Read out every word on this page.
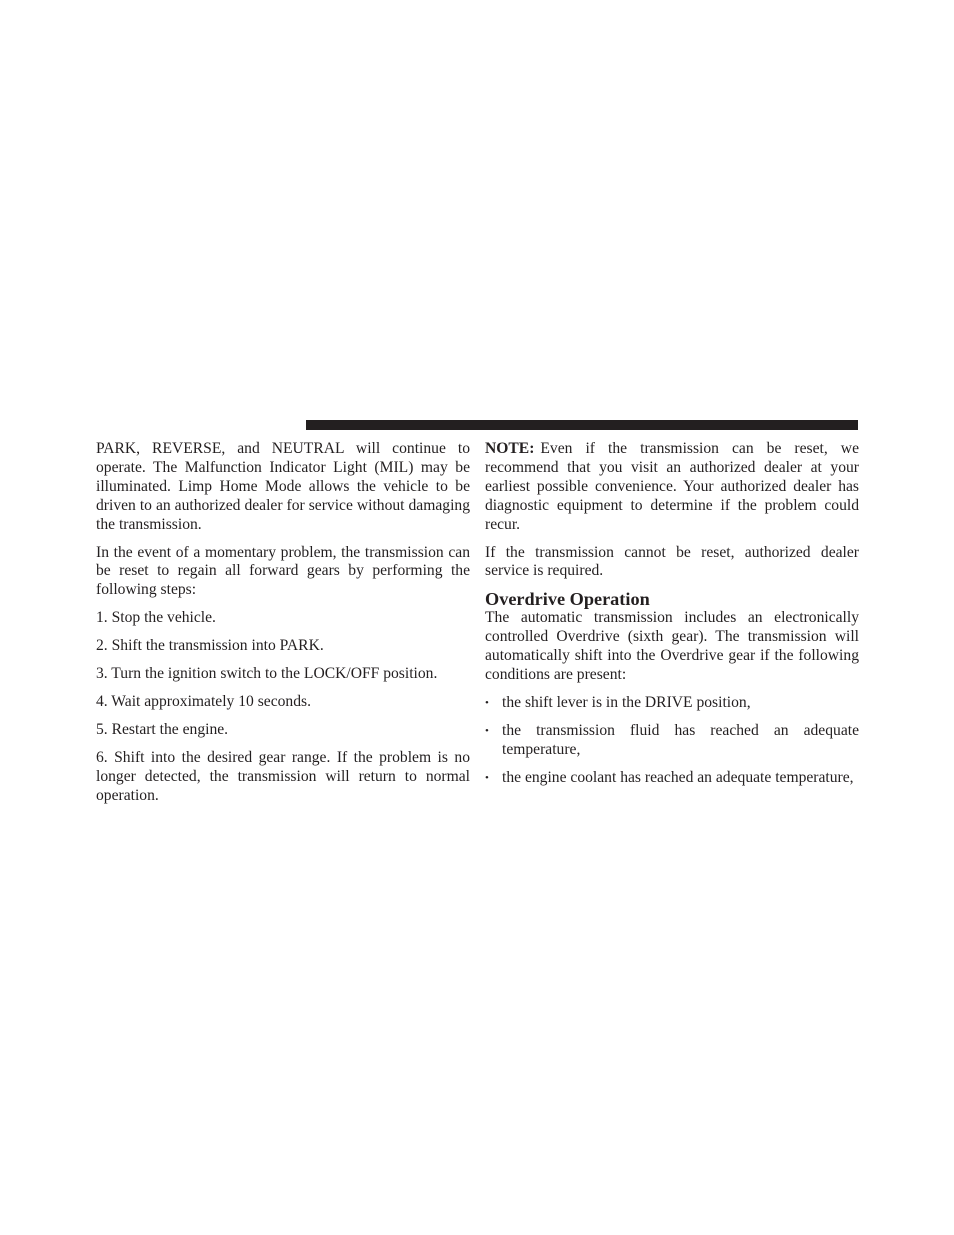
PARK, REVERSE, and NEUTRAL will continue to operate. The Malfunction Indicator Light (MIL) may be illuminated. Limp Home Mode allows the vehicle to be driven to an authorized dealer for service without damaging the transmission.

In the event of a momentary problem, the transmission can be reset to regain all forward gears by performing the following steps:

1. Stop the vehicle.

2. Shift the transmission into PARK.

3. Turn the ignition switch to the LOCK/OFF position.

4. Wait approximately 10 seconds.

5. Restart the engine.

6. Shift into the desired gear range. If the problem is no longer detected, the transmission will return to normal operation.

NOTE: Even if the transmission can be reset, we recommend that you visit an authorized dealer at your earliest possible convenience. Your authorized dealer has diagnostic equipment to determine if the problem could recur.

If the transmission cannot be reset, authorized dealer service is required.

Overdrive Operation

The automatic transmission includes an electronically controlled Overdrive (sixth gear). The transmission will automatically shift into the Overdrive gear if the following conditions are present:

• the shift lever is in the DRIVE position,
• the transmission fluid has reached an adequate temperature,
• the engine coolant has reached an adequate temperature,
